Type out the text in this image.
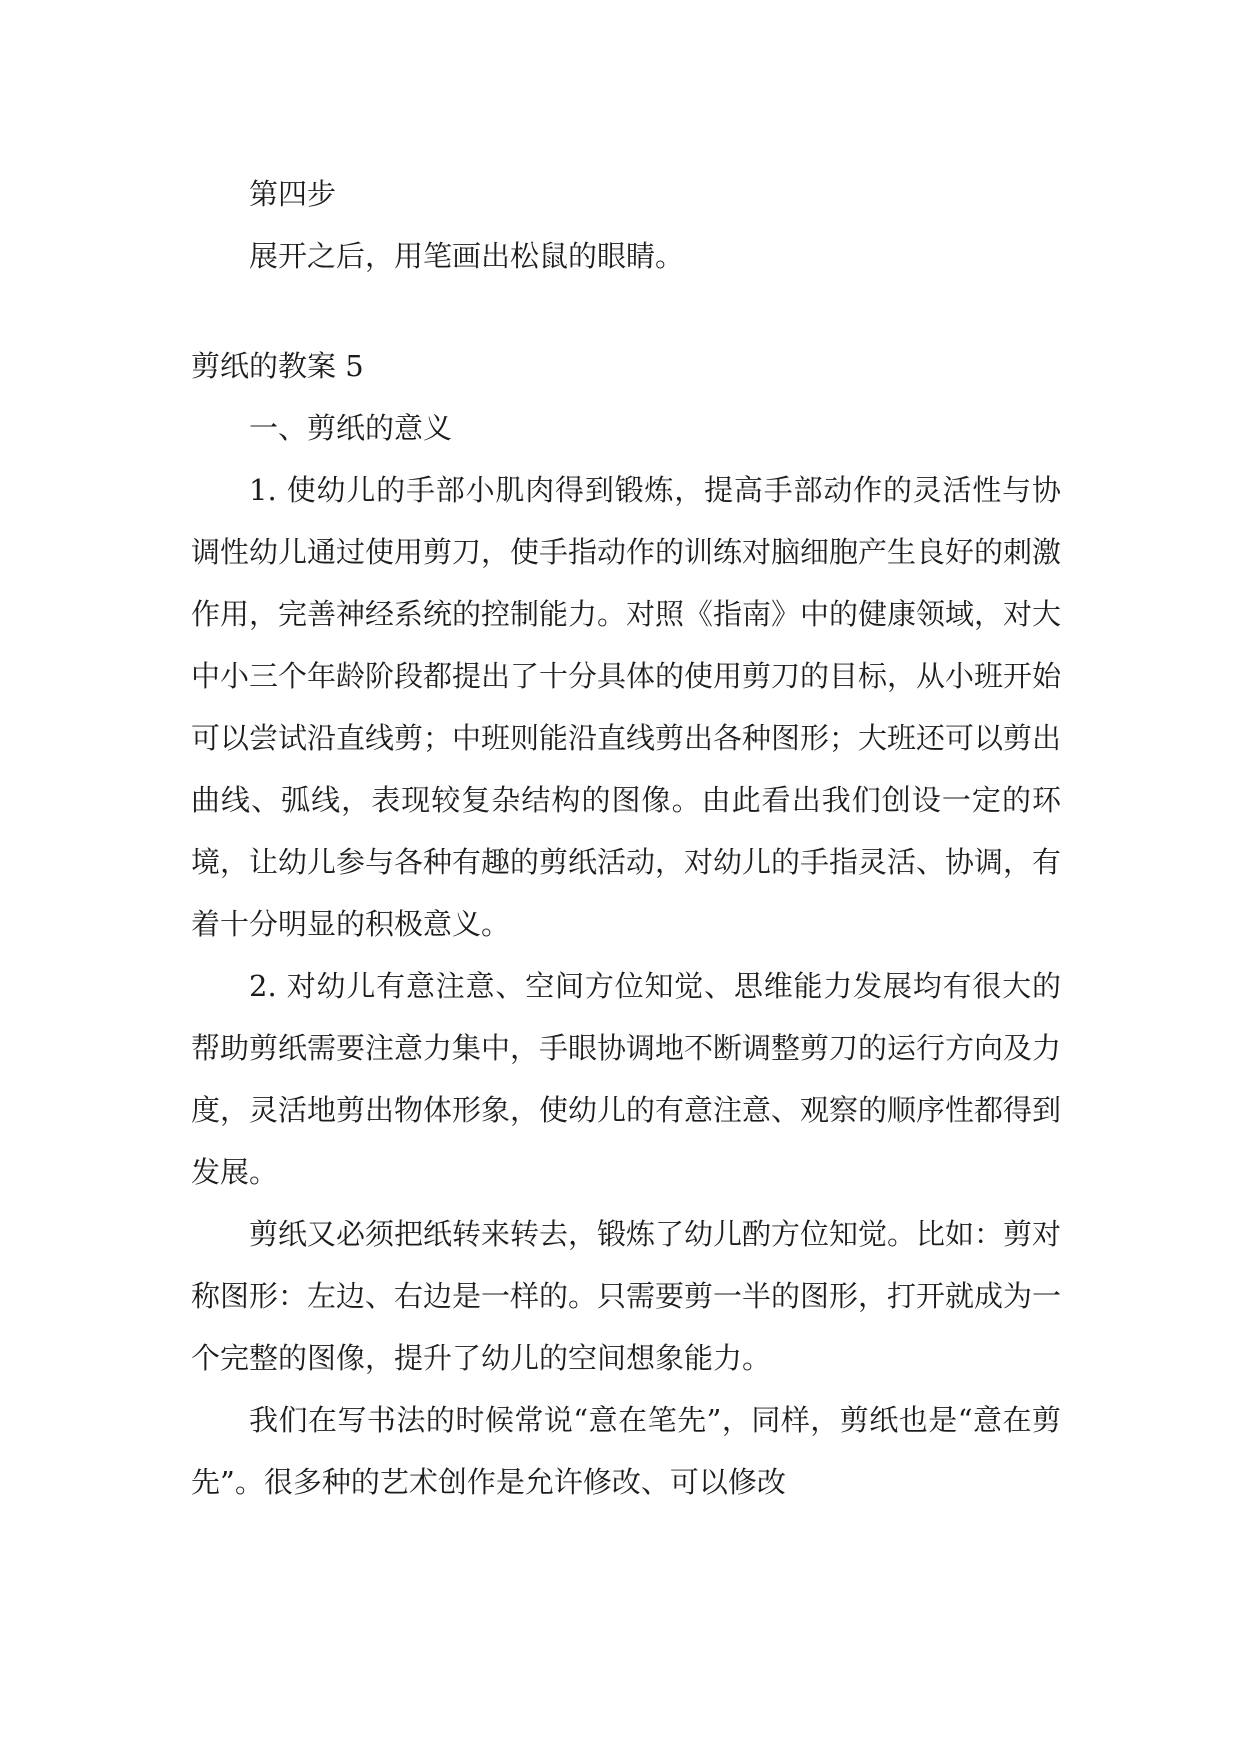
第四步

展开之后，用笔画出松鼠的眼睛。

剪纸的教案 5

一、剪纸的意义

1. 使幼儿的手部小肌肉得到锻炼，提高手部动作的灵活性与协调性幼儿通过使用剪刀，使手指动作的训练对脑细胞产生良好的刺激作用，完善神经系统的控制能力。对照《指南》中的健康领域，对大中小三个年龄阶段都提出了十分具体的使用剪刀的目标，从小班开始可以尝试沿直线剪；中班则能沿直线剪出各种图形；大班还可以剪出曲线、弧线，表现较复杂结构的图像。由此看出我们创设一定的环境，让幼儿参与各种有趣的剪纸活动，对幼儿的手指灵活、协调，有着十分明显的积极意义。

2. 对幼儿有意注意、空间方位知觉、思维能力发展均有很大的帮助剪纸需要注意力集中，手眼协调地不断调整剪刀的运行方向及力度，灵活地剪出物体形象，使幼儿的有意注意、观察的顺序性都得到发展。

剪纸又必须把纸转来转去，锻炼了幼儿酌方位知觉。比如：剪对称图形：左边、右边是一样的。只需要剪一半的图形，打开就成为一个完整的图像，提升了幼儿的空间想象能力。

我们在写书法的时候常说“意在笔先”，同样，剪纸也是“意在剪先”。很多种的艺术创作是允许修改、可以修改
